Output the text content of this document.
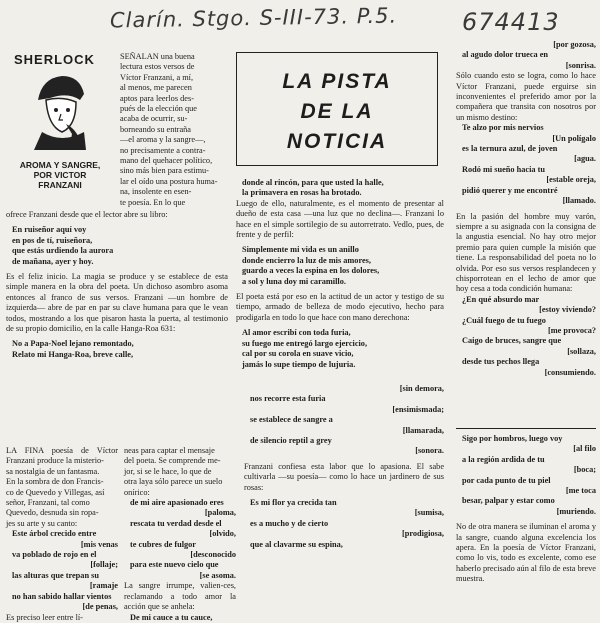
Clarín. Stgo. S-III-73. P.5.	674413
SHERLOCK
AROMA Y SANGRE,
POR VICTOR
FRANZANI

SEÑALAN una buena

lectura estos versos de

Víctor Franzani, a mí,

al menos, me parecen

aptos para leerlos des-

pués de la elección que

acaba de ocurrir, su-

borneando su entraña

—el aroma y la sangre—,

no precisamente a contra-

mano del quehacer político,

sino más bien para estimu-

lar el oído una postura huma-

na, insolente en esen-

te poesía. En lo que

ofrece Franzani desde que el lector abre su libro:

En ruiseñor aquí voy

en pos de tí, ruiseñora,

que estás urdiendo la aurora

de mañana, ayer y hoy.

Es el feliz inicio. La magia se produce y se establece de esta simple manera en la obra del poeta. Un dichoso asombro asoma entonces al franco de sus versos. Franzani —un hombre de izquierda— abre de par en par su clave humana para que le vean todos, mostrando a los que pisaron hasta la puerta, al testimonio de su propio domicilio, en la calle Hanga-Roa 631:

No a Papa-Noel lejano remontado,

Relato mi Hanga-Roa, breve calle,

LA PISTA
DE LA
NOTICIA

donde al rincón, para que usted la halle,

la primavera en rosas ha brotado.

Luego de ello, naturalmente, es el momento de presentar al dueño de esta casa —una luz que no declina—. Franzani lo hace en el simple sortilegio de su autorretrato. Vedlo, pues, de frente y de perfil:

Simplemente mi vida es un anillo

donde encierro la luz de mis amores,

guardo a veces la espina en los dolores,

a sol y luna doy mi caramillo.

El poeta está por eso en la actitud de un actor y testigo de su tiempo, armado de belleza de modo ejecutivo, hecho para prodigarla en todo lo que hace con mano derechona:

Al amor escribí con toda furia,

su fuego me entregó largo ejercicio,

cal por su corola en suave vicio,

jamás lo supe tiempo de lujuria.

LA FINA poesía de Víctor Franzani produce la misterio-

sa nostalgia de un fantasma.

En la sombra de don Francis-

co de Quevedo y Villegas, así

señor, Franzani, tal como

Quevedo, desnuda sin ropa-

jes su arte y su canto:

Este árbol crecido entre

[mis venas

va poblado de rojo en el

[follaje;

las alturas que trepan su

[ramaje

no han sabido hallar vientos

[de penas,

Es preciso leer entre lí-

neas para captar el mensaje

del poeta. Se comprende me-

jor, si se le hace, lo que de

otra laya sólo parece un suelo

onírico:

de mi aire apasionado eres

[paloma,

rescata tu verdad desde el

[olvido,

te cubres de fulgor

[desconocido

para este nuevo cielo que

[se asoma.

La sangre irrumpe, valien-ces, reclamando a todo amor la acción que se anhela:

De mi cauce a tu cauce,

[sin demora,

nos recorre esta furia

[ensimismada;

se establece de sangre a

[llamarada,

de silencio reptil a grey

[sonora.

Franzani confiesa esta labor que lo apasiona. El sabe cultivarla —su poesía— como lo hace un jardinero de sus rosas:

Es mi flor ya crecida tan

[sumisa,

es a mucho y de cierto

[prodigiosa,

que al clavarme su espina,

[por gozosa,

al agudo dolor trueca en

[sonrisa.

Sólo cuando esto se logra, como lo hace Víctor Franzani, puede erguirse sin inconvenientes el preferido amor por la compañera que transita con nosotros por un mismo destino:

Te alzo por mis nervios

[Un polígalo

es la ternura azul, de joven

[agua.

Rodó mi sueño hacia tu

[estable oreja,

pidió querer y me encontré

[llamado.

En la pasión del hombre muy varón, siempre a su asignada con la consigna de la angustia esencial. No hay otro mejor premio para quien cumple la misión que tiene. La responsabilidad del poeta no lo olvida. Por eso sus versos resplandecen y chisporrotean en el lecho de amor que hoy cesa a toda condición humana:

¿En qué absurdo mar

[estoy viviendo?

¿Cuál fuego de tu fuego

[me provoca?

Caigo de bruces, sangre que

[sollaza,

desde tus pechos llega

[consumiendo.

Sigo por hombros, luego voy

[al filo

a la región ardida de tu

[boca;

por cada punto de tu piel

[me toca

besar, palpar y estar como

[muriendo.

No de otra manera se iluminan el aroma y la sangre, cuando alguna excelencia los apera. En la poesía de Víctor Franzani, como lo vis, todo es excelente, como ese haberlo precisado aún al filo de esta breve muestra.
